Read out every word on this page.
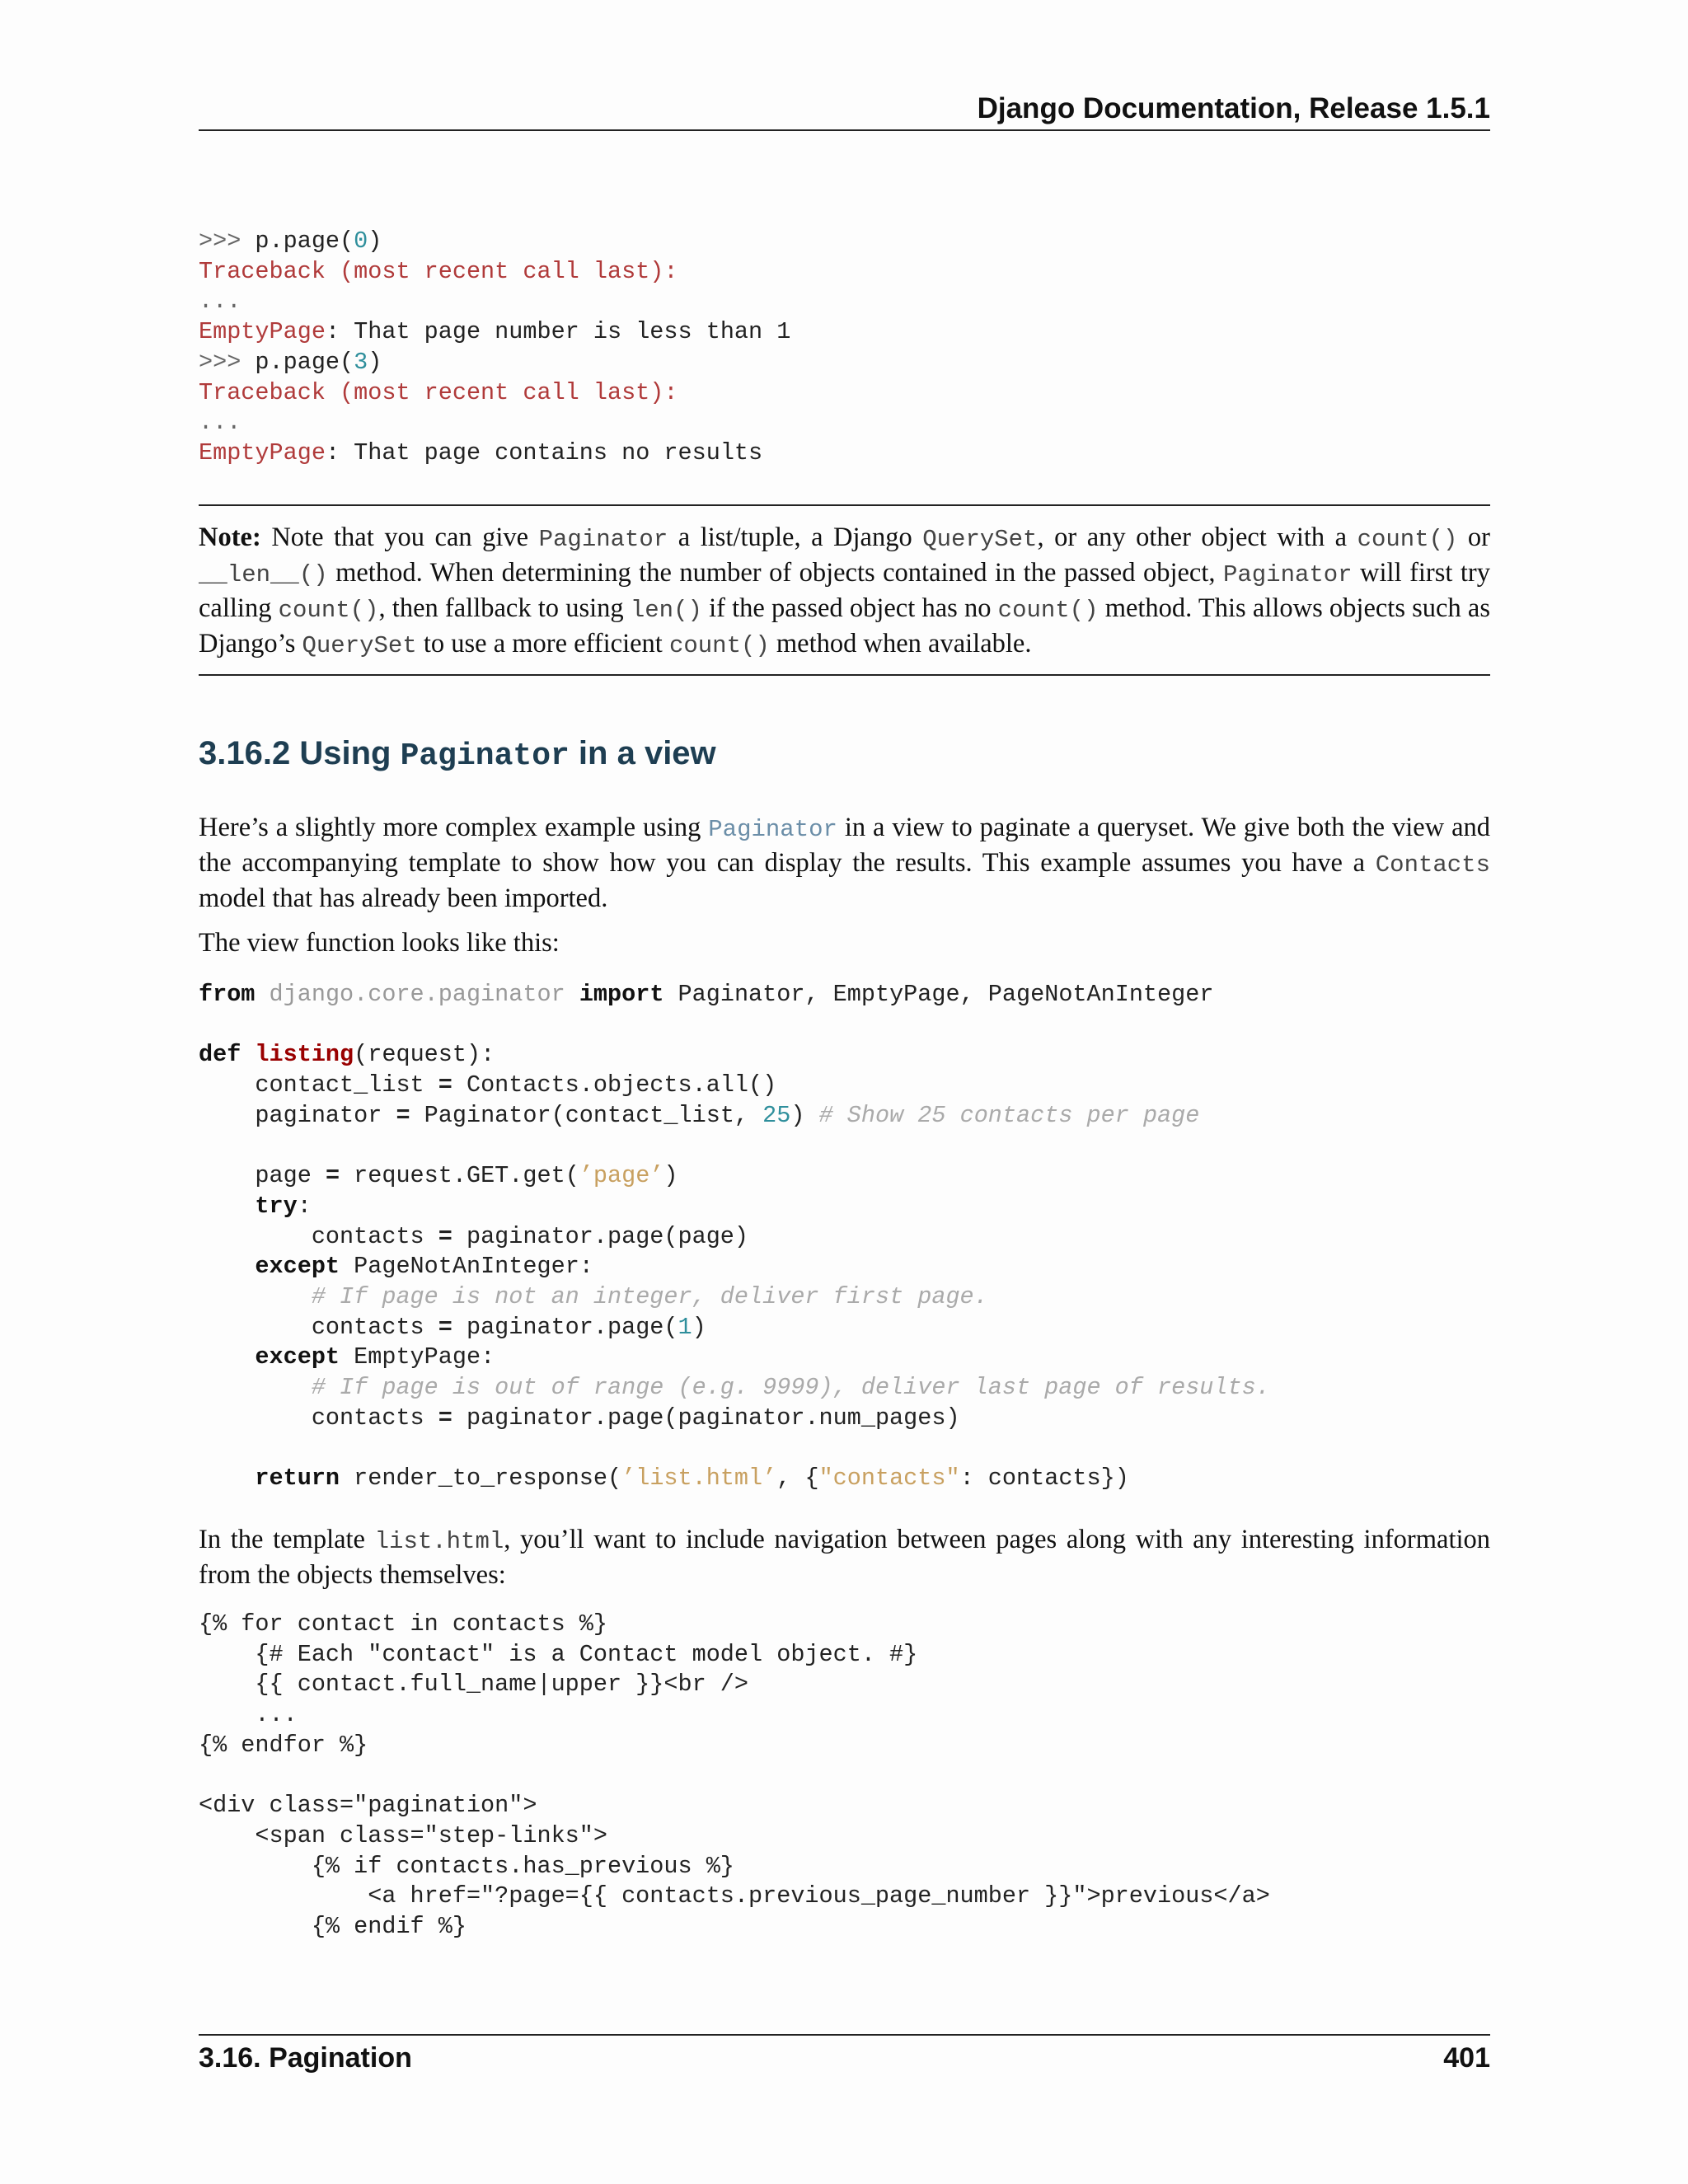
Django Documentation, Release 1.5.1
>>> p.page(0)
Traceback (most recent call last):
...
EmptyPage: That page number is less than 1
>>> p.page(3)
Traceback (most recent call last):
...
EmptyPage: That page contains no results
Note: Note that you can give Paginator a list/tuple, a Django QuerySet, or any other object with a count() or __len__() method. When determining the number of objects contained in the passed object, Paginator will first try calling count(), then fallback to using len() if the passed object has no count() method. This allows objects such as Django’s QuerySet to use a more efficient count() method when available.
3.16.2 Using Paginator in a view

Here’s a slightly more complex example using Paginator in a view to paginate a queryset. We give both the view and the accompanying template to show how you can display the results. This example assumes you have a Contacts model that has already been imported.

The view function looks like this:

from django.core.paginator import Paginator, EmptyPage, PageNotAnInteger

def listing(request):
contact_list = Contacts.objects.all()
paginator = Paginator(contact_list, 25) # Show 25 contacts per page

page = request.GET.get(’page’)
try:
contacts = paginator.page(page)
except PageNotAnInteger:
# If page is not an integer, deliver first page.
contacts = paginator.page(1)
except EmptyPage:
# If page is out of range (e.g. 9999), deliver last page of results.
contacts = paginator.page(paginator.num_pages)

return render_to_response(’list.html’, {"contacts": contacts})

In the template list.html, you’ll want to include navigation between pages along with any interesting information from the objects themselves:

{% for contact in contacts %}
{# Each "contact" is a Contact model object. #}
{{ contact.full_name|upper }}<br />
...
{% endfor %}

<div class="pagination">
<span class="step-links">
{% if contacts.has_previous %}
<a href="?page={{ contacts.previous_page_number }}">previous</a>
{% endif %}
3.16. Pagination	401
